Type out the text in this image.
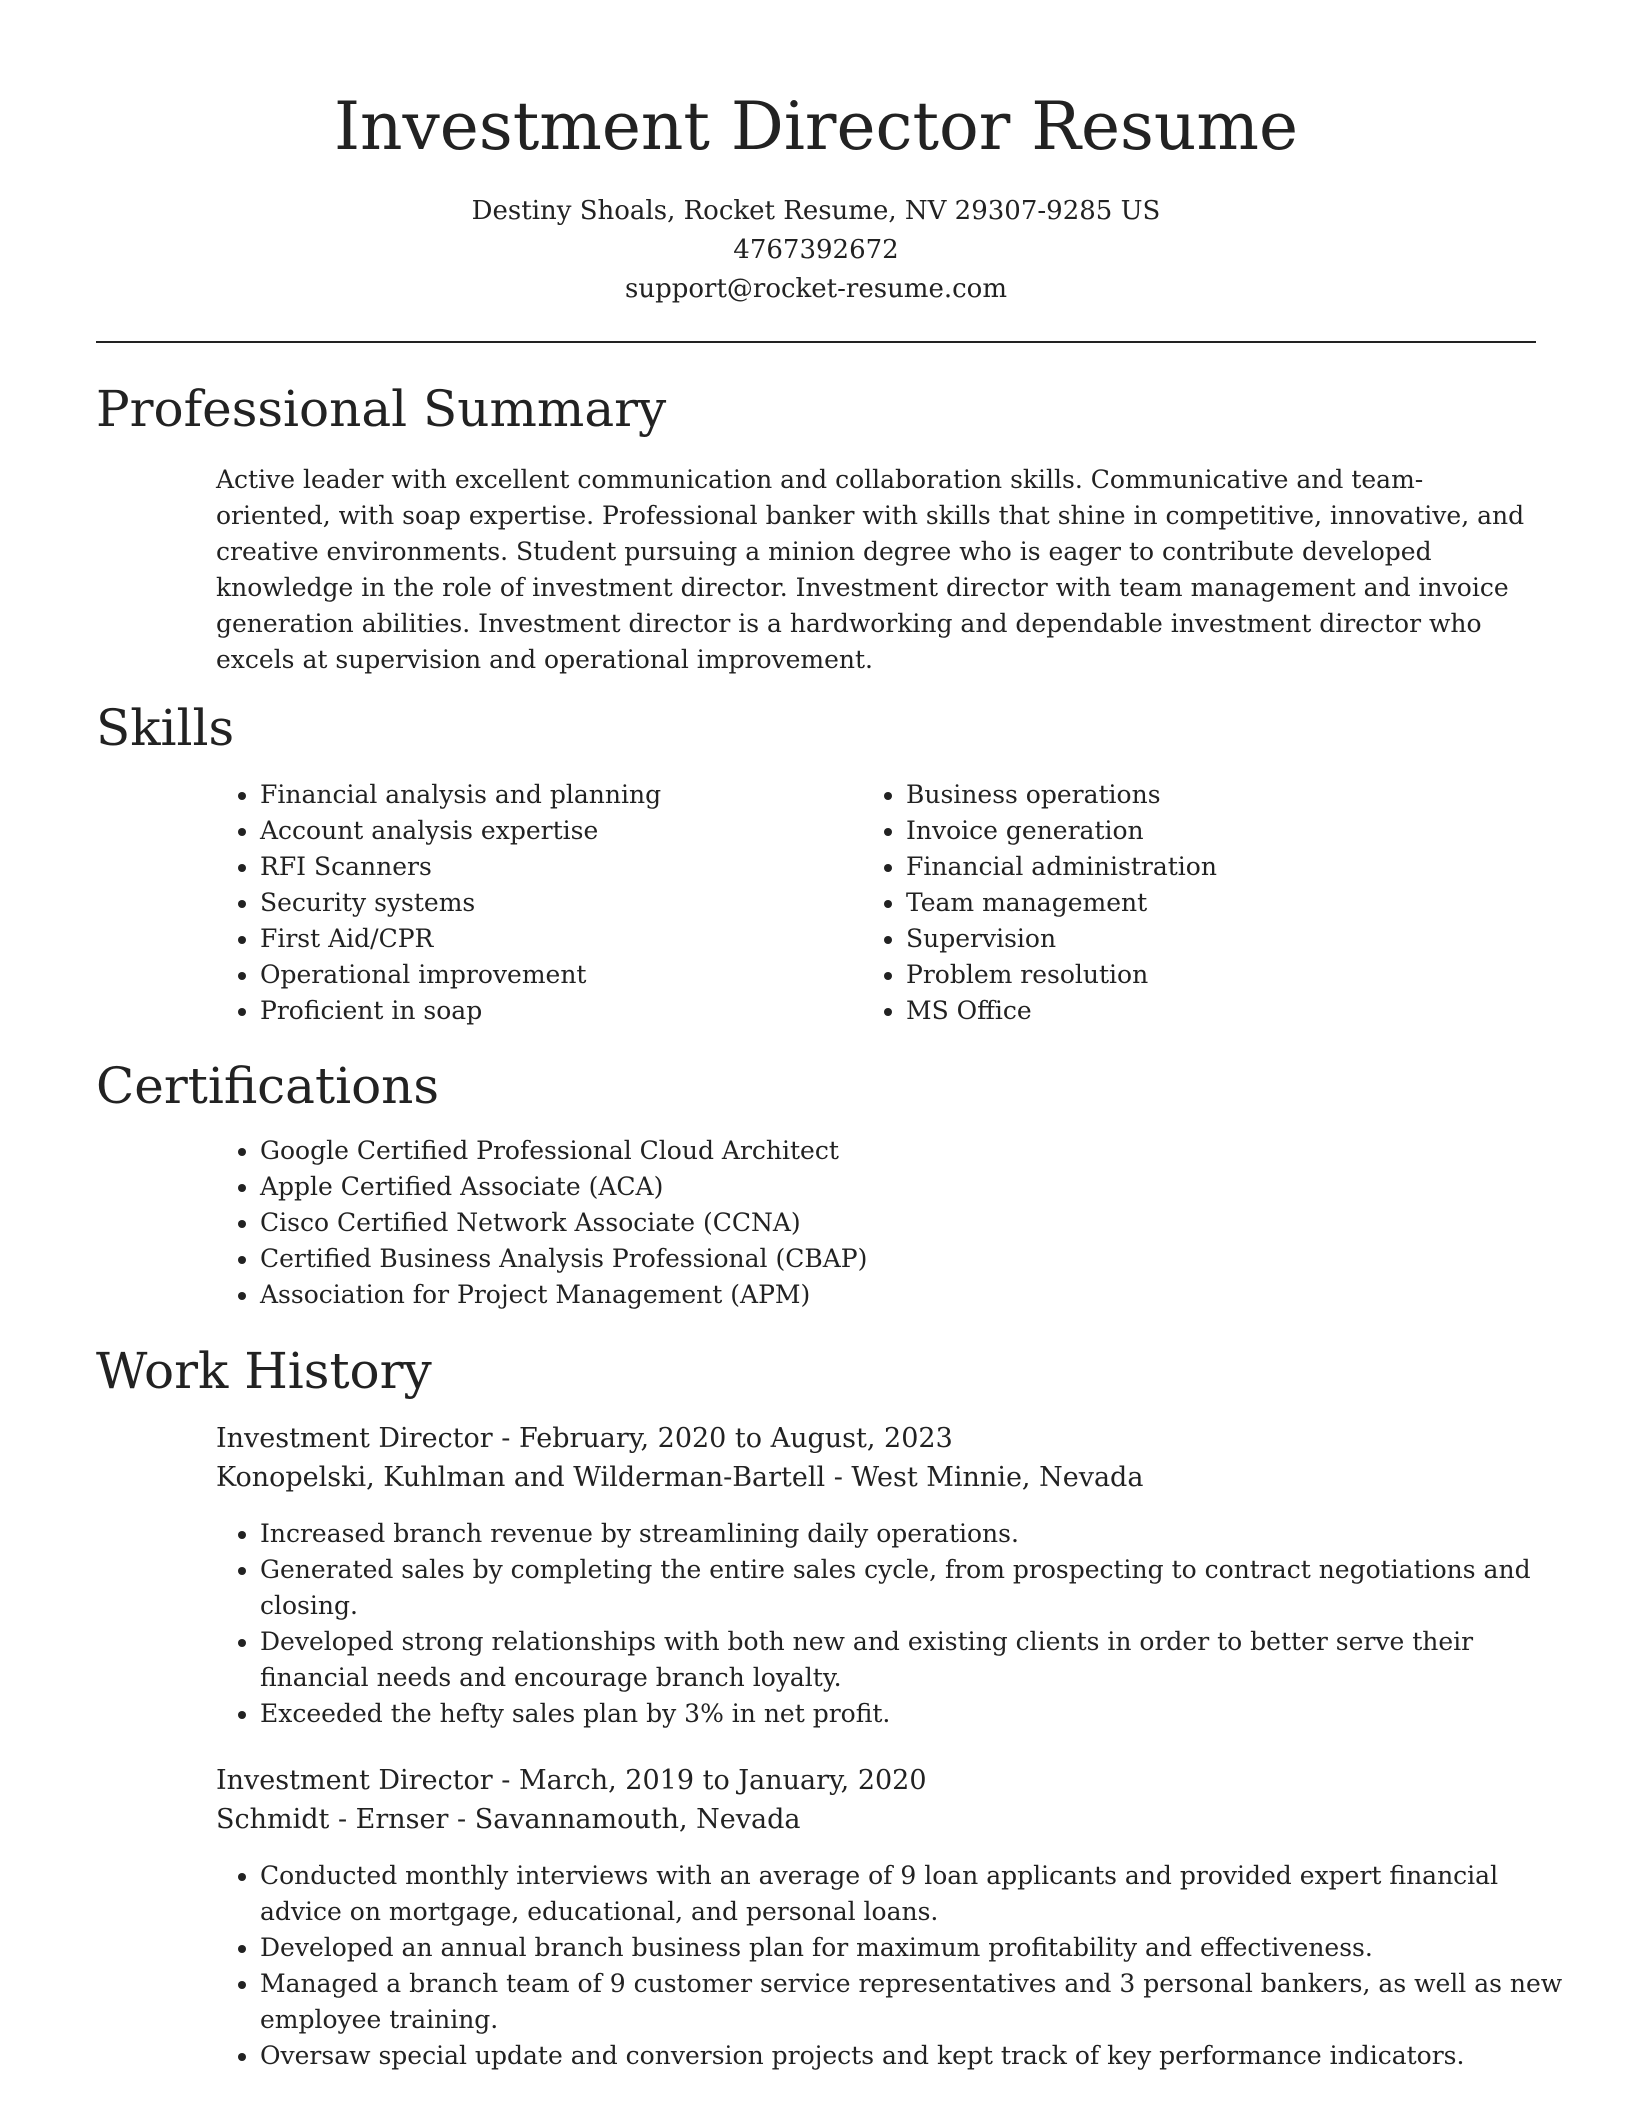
Investment Director Resume
Destiny Shoals, Rocket Resume, NV 29307-9285 US
4767392672
support@rocket-resume.com
Professional Summary

Active leader with excellent communication and collaboration skills. Communicative and team-oriented, with soap expertise. Professional banker with skills that shine in competitive, innovative, and creative environments. Student pursuing a minion degree who is eager to contribute developed knowledge in the role of investment director. Investment director with team management and invoice generation abilities. Investment director is a hardworking and dependable investment director who excels at supervision and operational improvement.

Skills
• Financial analysis and planning
• Account analysis expertise
• RFI Scanners
• Security systems
• First Aid/CPR
• Operational improvement
• Proficient in soap
• Business operations
• Invoice generation
• Financial administration
• Team management
• Supervision
• Problem resolution
• MS Office
Certifications
• Google Certified Professional Cloud Architect
• Apple Certified Associate (ACA)
• Cisco Certified Network Associate (CCNA)
• Certified Business Analysis Professional (CBAP)
• Association for Project Management (APM)
Work History
Investment Director - February, 2020 to August, 2023
Konopelski, Kuhlman and Wilderman-Bartell - West Minnie, Nevada
• Increased branch revenue by streamlining daily operations.
• Generated sales by completing the entire sales cycle, from prospecting to contract negotiations and closing.
• Developed strong relationships with both new and existing clients in order to better serve their financial needs and encourage branch loyalty.
• Exceeded the hefty sales plan by 3% in net profit.
Investment Director - March, 2019 to January, 2020
Schmidt - Ernser - Savannamouth, Nevada
• Conducted monthly interviews with an average of 9 loan applicants and provided expert financial advice on mortgage, educational, and personal loans.
• Developed an annual branch business plan for maximum profitability and effectiveness.
• Managed a branch team of 9 customer service representatives and 3 personal bankers, as well as new employee training.
• Oversaw special update and conversion projects and kept track of key performance indicators.
